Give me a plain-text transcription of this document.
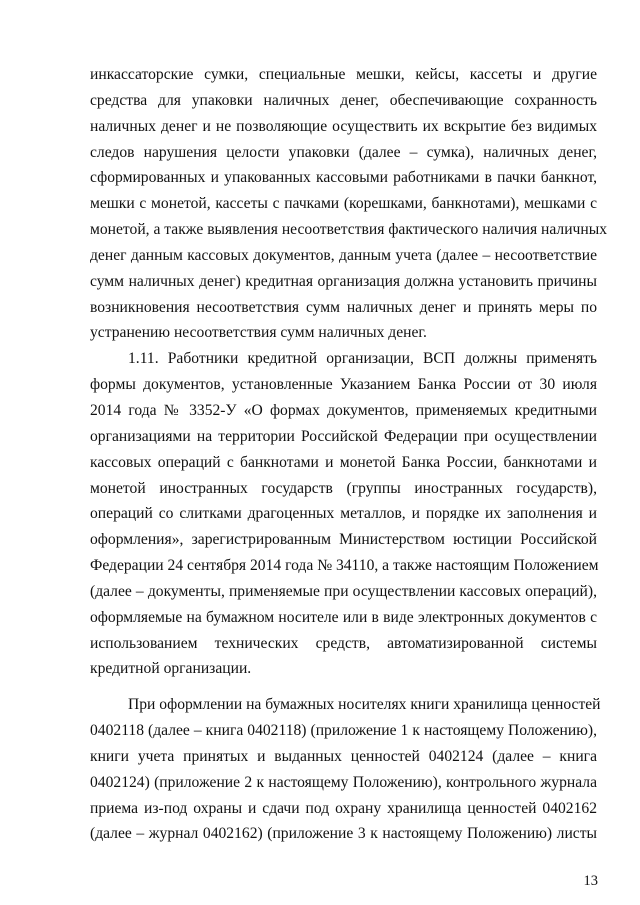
инкассаторские сумки, специальные мешки, кейсы, кассеты и другие
средства для упаковки наличных денег, обеспечивающие сохранность
наличных денег и не позволяющие осуществить их вскрытие без видимых
следов нарушения целости упаковки (далее – сумка), наличных денег,
сформированных и упакованных кассовыми работниками в пачки банкнот,
мешки с монетой, кассеты с пачками (корешками, банкнотами), мешками с
монетой, а также выявления несоответствия фактического наличия наличных
денег данным кассовых документов, данным учета (далее – несоответствие
сумм наличных денег) кредитная организация должна установить причины
возникновения несоответствия сумм наличных денег и принять меры по
устранению несоответствия сумм наличных денег.
1.11. Работники кредитной организации, ВСП должны применять
формы документов, установленные Указанием Банка России от 30 июля
2014 года № 3352-У «О формах документов, применяемых кредитными
организациями на территории Российской Федерации при осуществлении
кассовых операций с банкнотами и монетой Банка России, банкнотами и
монетой иностранных государств (группы иностранных государств),
операций со слитками драгоценных металлов, и порядке их заполнения и
оформления», зарегистрированным Министерством юстиции Российской
Федерации 24 сентября 2014 года № 34110, а также настоящим Положением
(далее – документы, применяемые при осуществлении кассовых операций),
оформляемые на бумажном носителе или в виде электронных документов с
использованием технических средств, автоматизированной системы
кредитной организации.
При оформлении на бумажных носителях книги хранилища ценностей
0402118 (далее – книга 0402118) (приложение 1 к настоящему Положению),
книги учета принятых и выданных ценностей 0402124 (далее – книга
0402124) (приложение 2 к настоящему Положению), контрольного журнала
приема из-под охраны и сдачи под охрану хранилища ценностей 0402162
(далее – журнал 0402162) (приложение 3 к настоящему Положению) листы
13
